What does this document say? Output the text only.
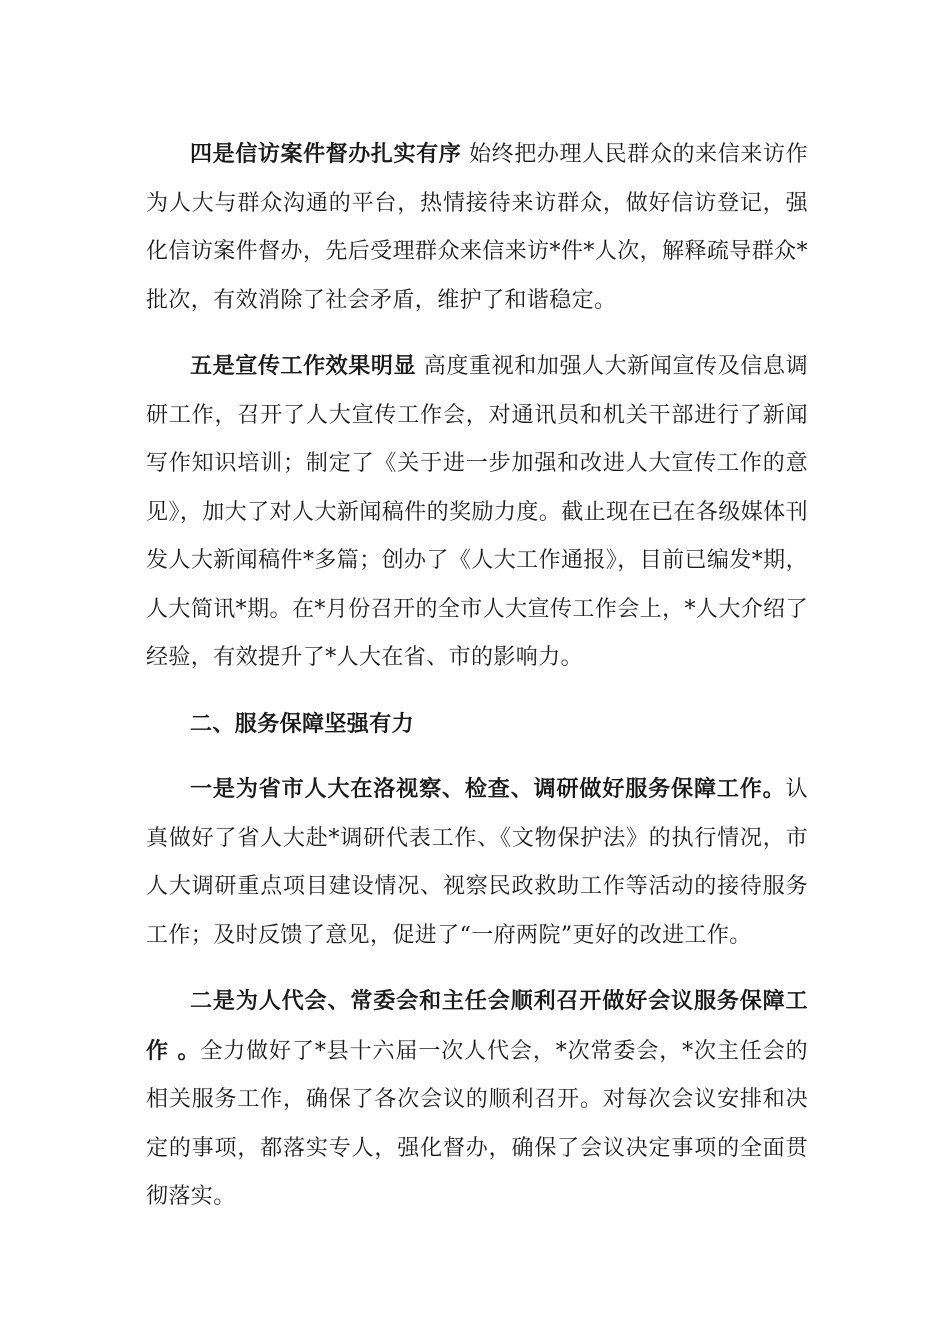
四是信访案件督办扎实有序 始终把办理人民群众的来信来访作为人大与群众沟通的平台，热情接待来访群众，做好信访登记，强化信访案件督办，先后受理群众来信来访*件*人次，解释疏导群众*批次，有效消除了社会矛盾，维护了和谐稳定。

五是宣传工作效果明显 高度重视和加强人大新闻宣传及信息调研工作，召开了人大宣传工作会，对通讯员和机关干部进行了新闻写作知识培训；制定了《关于进一步加强和改进人大宣传工作的意见》，加大了对人大新闻稿件的奖励力度。截止现在已在各级媒体刊发人大新闻稿件*多篇；创办了《人大工作通报》，目前已编发*期，人大简讯*期。在*月份召开的全市人大宣传工作会上，*人大介绍了经验，有效提升了*人大在省、市的影响力。

二、服务保障坚强有力

一是为省市人大在洛视察、检查、调研做好服务保障工作。认真做好了省人大赴*调研代表工作、《文物保护法》的执行情况，市人大调研重点项目建设情况、视察民政救助工作等活动的接待服务工作；及时反馈了意见，促进了“一府两院”更好的改进工作。

二是为人代会、常委会和主任会顺利召开做好会议服务保障工作 。全力做好了*县十六届一次人代会，*次常委会，*次主任会的相关服务工作，确保了各次会议的顺利召开。对每次会议安排和决定的事项，都落实专人，强化督办，确保了会议决定事项的全面贯彻落实。
